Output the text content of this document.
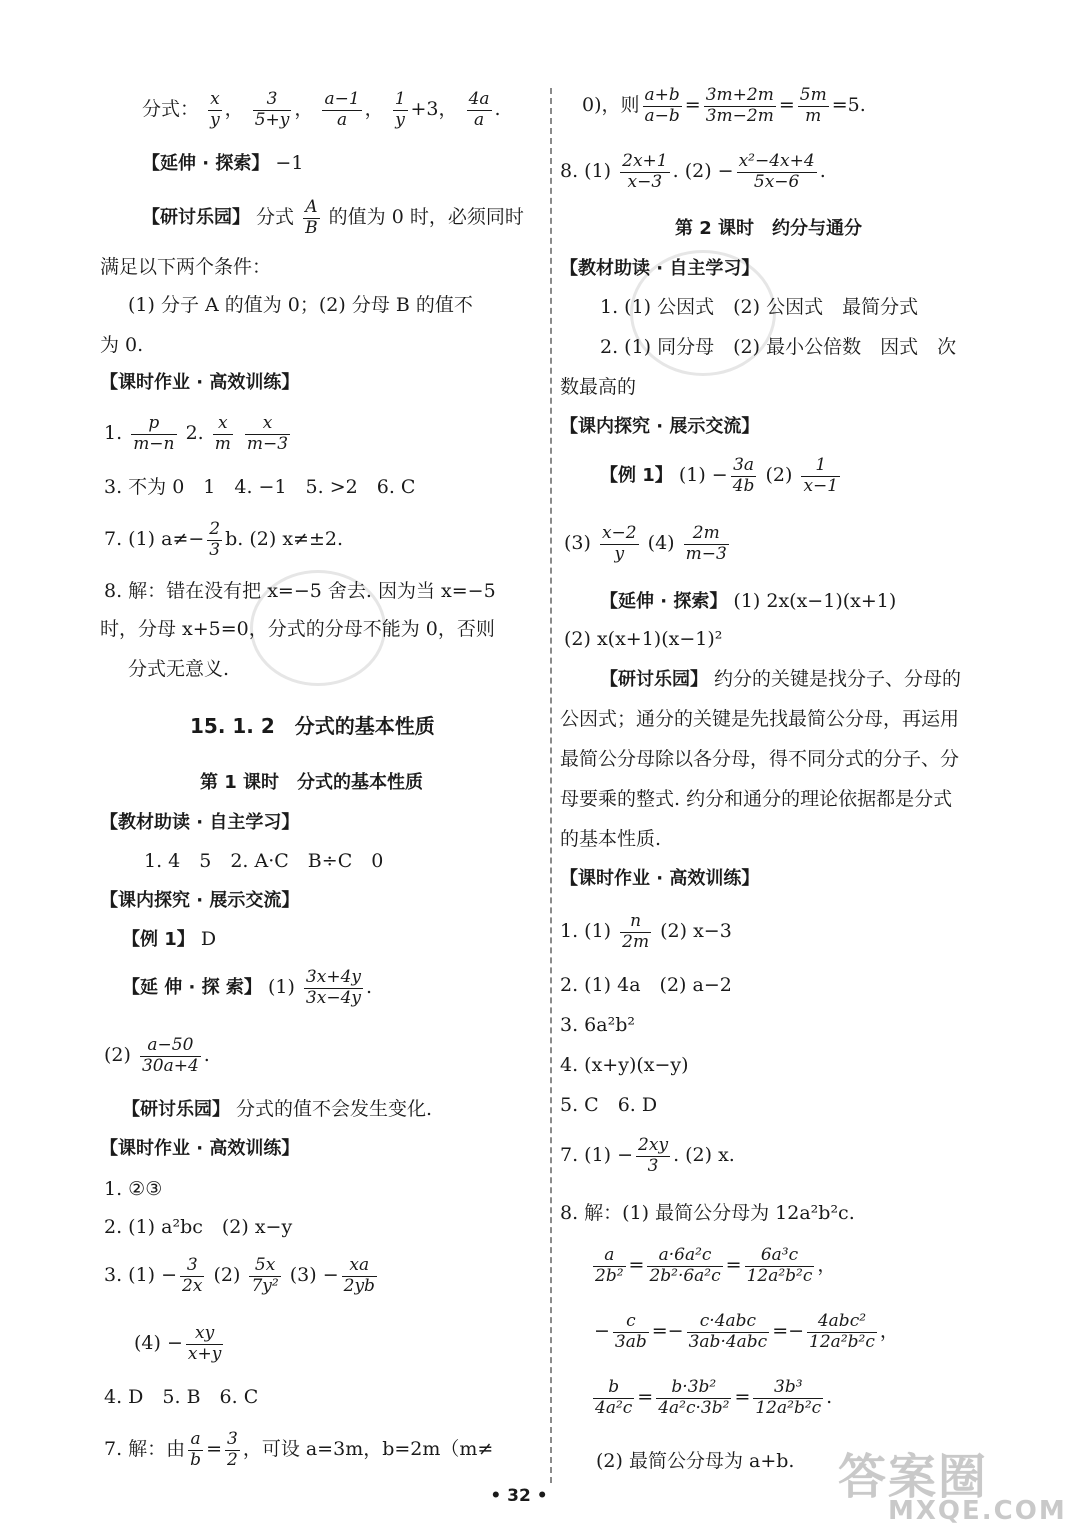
分式： $\frac{x}{y}$ ， $\frac{3}{5+y}$ ， $\frac{a-1}{a}$ ， $\frac{1}{y} +3$， $\frac{4a}{a}$ .
【延伸 · 探索】 −1
【研讨乐园】 分式 $\frac{A}{B}$ 的值为 0 时，必须同时
满足以下两个条件：
(1) 分子 A 的值为 0；(2) 分母 B 的值不
为 0.
【课时作业 · 高效训练】
1. $\frac{p}{m-n} 2$. $\frac{x}{m}$
$\frac{x}{m-3}$
3. 不为 0　1　4. −1　5. >2　6. C
7. (1) $a\ne- \frac{2}{3} b$. (2) x≠±2.
8. 解：错在没有把 x=−5 舍去. 因为当 x=−5
时，分母 x+5=0，分式的分母不能为 0，否则
分式无意义.
15. 1. 2　分式的基本性质
第 1 课时　分式的基本性质
【教材助读 · 自主学习】
1. 4　5　2. A·C　B÷C　0
【课内探究 · 展示交流】
【例 1】 D
【延 伸 · 探 索】 $(1) \frac{3x+4y}{3x-4y}$ .
$(2) \frac{a-50}{30a+4}$ .
【研讨乐园】 分式的值不会发生变化.
【课时作业 · 高效训练】
1. ②③
2. (1) a²bc　(2) x−y
3. $(1) - \frac{3}{2x} (2) \frac{5x}{\text{7y²}} (3) - \frac{xa}{2yb}$
$(4) - \frac{xy}{x+y}$
4. D　5. B　6. C
7. 解：由 $\frac{a}{b} = \frac{3}{2}$ ，可设 a=3m，b=2m（m≠
0)，则 $\frac{a+b}{a-b} = \frac{3m+2m}{3m-2m} = \frac{5m}{m} =5$.
8. $(1) \frac{2x+1}{x-3}$ . $(2) - \frac{\text{x²−4x+4}}{5x-6}$ .
第 2 课时　约分与通分
【教材助读 · 自主学习】
1. (1) 公因式　(2) 公因式　最简分式
2. (1) 同分母　(2) 最小公倍数　因式　次
数最高的
【课内探究 · 展示交流】
【例 1】 $(1) - \frac{3a}{4b} (2) \frac{1}{x-1}$
$(3) \frac{x-2}{y} (4) \frac{2m}{m-3}$
【延伸 · 探索】 (1) 2x(x−1)(x+1)
(2) x(x+1)(x−1)²
【研讨乐园】 约分的关键是找分子、分母的
公因式；通分的关键是先找最简公分母，再运用
最简公分母除以各分母，得不同分式的分子、分
母要乘的整式. 约分和通分的理论依据都是分式
的基本性质.
【课时作业 · 高效训练】
1. $(1) \frac{n}{2m} (2)$ x−3
2. (1) 4a　(2) a−2
3. 6a²b²
4. (x+y)(x−y)
5. C　6. D
7. $(1) - \frac{2xy}{3}$ . (2) x.
8. 解：(1) 最简公分母为 12a²b²c.
$\frac{a}{\text{2b²}} = \frac{\text{a·6a²c}}{\text{2b²·6a²c}} = \frac{\text{6a³c}}{\text{12a²b²c}}$ ，
− $\frac{c}{3ab} =- \frac{\text{c·4abc}}{\text{3ab·4abc}} =- \frac{\text{4abc²}}{\text{12a²b²c}}$ ，
$\frac{b}{\text{4a²c}} = \frac{\text{b·3b²}}{\text{4a²c·3b²}} = \frac{\text{3b³}}{\text{12a²b²c}}$ .
(2) 最简公分母为 a+b.
• 32 •	答案圈
MXQE.COM
